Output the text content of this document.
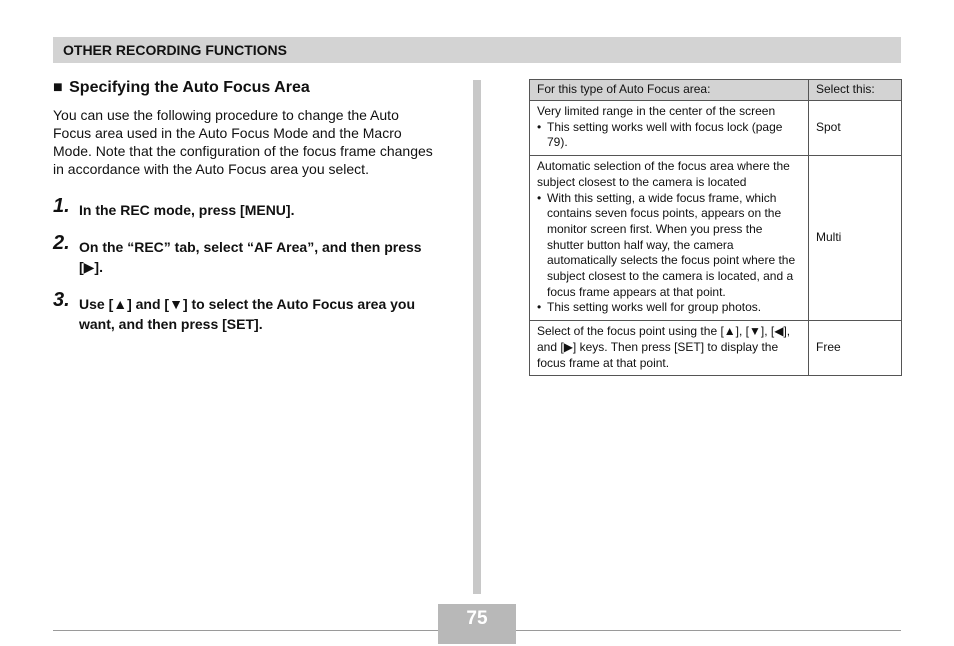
OTHER RECORDING FUNCTIONS
■ Specifying the Auto Focus Area

You can use the following procedure to change the Auto Focus area used in the Auto Focus Mode and the Macro Mode. Note that the configuration of the focus frame changes in accordance with the Auto Focus area you select.

1. In the REC mode, press [MENU].
2. On the “REC” tab, select “AF Area”, and then press [▶].
3. Use [▲] and [▼] to select the Auto Focus area you want, and then press [SET].
For this type of Auto Focus area:	Select this:

Very limited range in the center of the screen
• This setting works well with focus lock (page 79).	Spot

Automatic selection of the focus area where the subject closest to the camera is located
• With this setting, a wide focus frame, which contains seven focus points, appears on the monitor screen first. When you press the shutter button half way, the camera automatically selects the focus point where the subject closest to the camera is located, and a focus frame appears at that point.
• This setting works well for group photos.	Multi

Select of the focus point using the [▲], [▼], [◀], and [▶] keys. Then press [SET] to display the focus frame at that point.	Free
75
